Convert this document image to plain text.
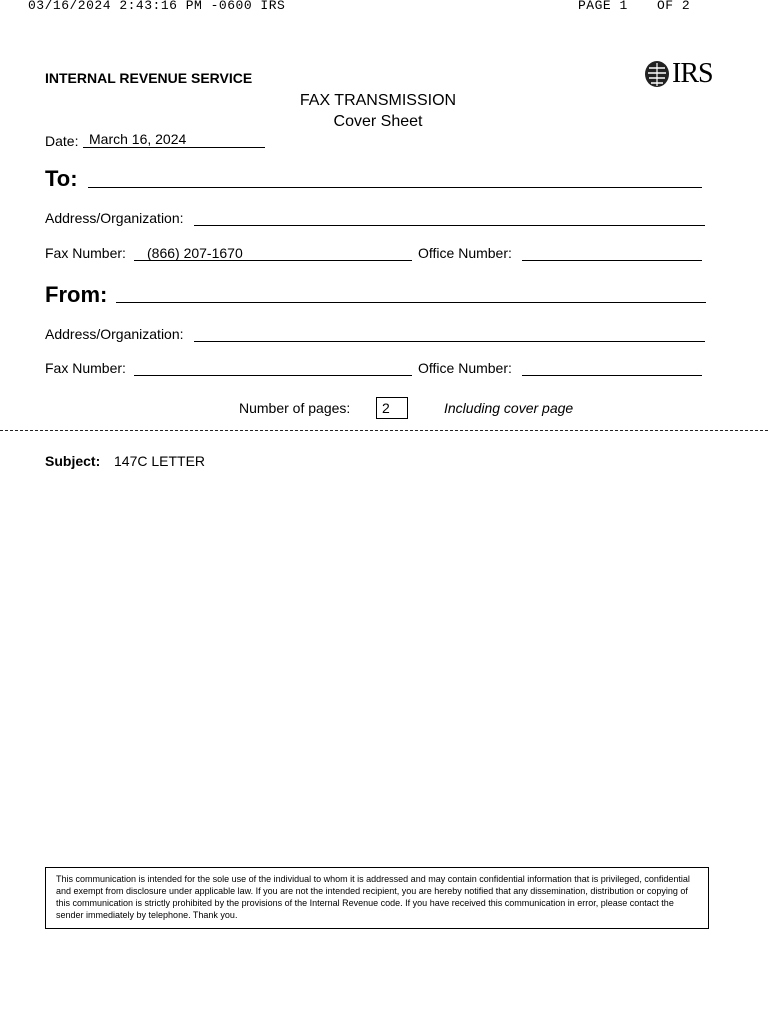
03/16/2024 2:43:16 PM -0600 IRS	PAGE 1 OF 2
INTERNAL REVENUE SERVICE	IRS
FAX TRANSMISSION
Cover Sheet
Date: March 16, 2024
To:
Address/Organization:
Fax Number: (866) 207-1670	Office Number:
From:
Address/Organization:
Fax Number:	Office Number:
Number of pages:	2	Including cover page
Subject: 147C LETTER
This communication is intended for the sole use of the individual to whom it is addressed and may contain confidential information that is privileged, confidential and exempt from disclosure under applicable law. If you are not the intended recipient, you are hereby notified that any dissemination, distribution or copying of this communication is strictly prohibited by the provisions of the Internal Revenue code. If you have received this communication in error, please contact the sender immediately by telephone. Thank you.
